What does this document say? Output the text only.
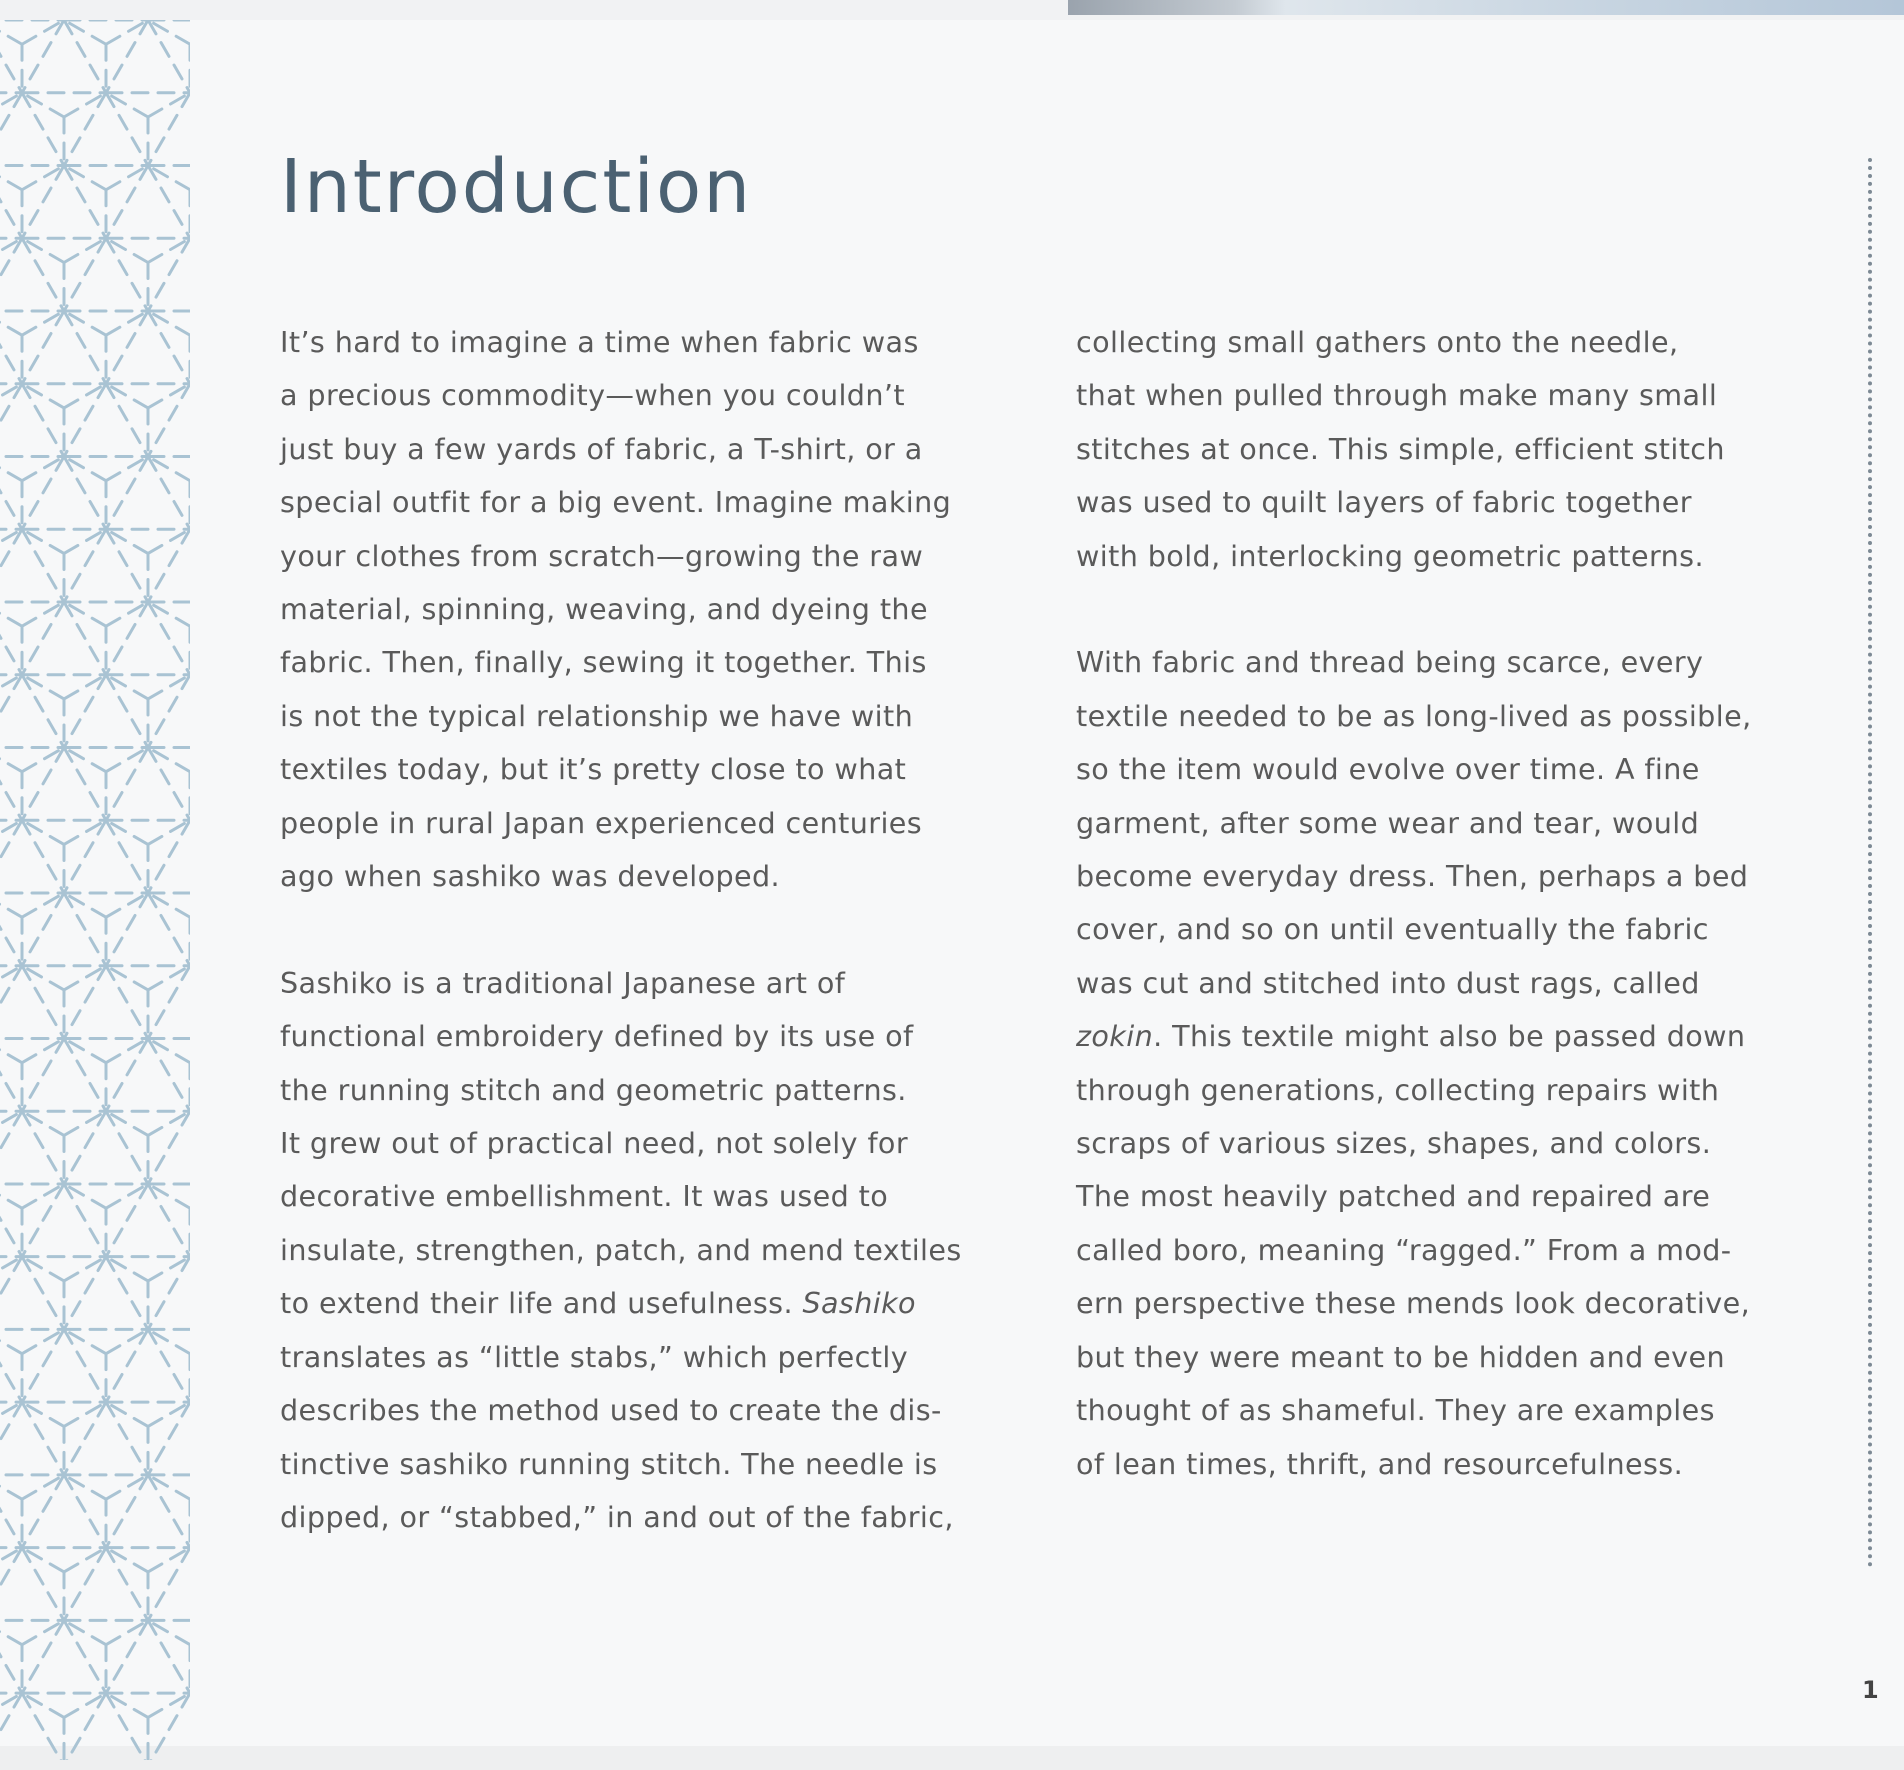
Introduction

It’s hard to imagine a time when fabric was
a precious commodity—when you couldn’t
just buy a few yards of fabric, a T-shirt, or a
special outfit for a big event. Imagine making
your clothes from scratch—growing the raw
material, spinning, weaving, and dyeing the
fabric. Then, finally, sewing it together. This
is not the typical relationship we have with
textiles today, but it’s pretty close to what
people in rural Japan experienced centuries
ago when sashiko was developed.

Sashiko is a traditional Japanese art of
functional embroidery defined by its use of
the running stitch and geometric patterns.
It grew out of practical need, not solely for
decorative embellishment. It was used to
insulate, strengthen, patch, and mend textiles
to extend their life and usefulness. Sashiko
translates as “little stabs,” which perfectly
describes the method used to create the dis-
tinctive sashiko running stitch. The needle is
dipped, or “stabbed,” in and out of the fabric,

collecting small gathers onto the needle,
that when pulled through make many small
stitches at once. This simple, efficient stitch
was used to quilt layers of fabric together
with bold, interlocking geometric patterns.

With fabric and thread being scarce, every
textile needed to be as long-lived as possible,
so the item would evolve over time. A fine
garment, after some wear and tear, would
become everyday dress. Then, perhaps a bed
cover, and so on until eventually the fabric
was cut and stitched into dust rags, called
zokin. This textile might also be passed down
through generations, collecting repairs with
scraps of various sizes, shapes, and colors.
The most heavily patched and repaired are
called boro, meaning “ragged.” From a mod-
ern perspective these mends look decorative,
but they were meant to be hidden and even
thought of as shameful. They are examples
of lean times, thrift, and resourcefulness.

1
